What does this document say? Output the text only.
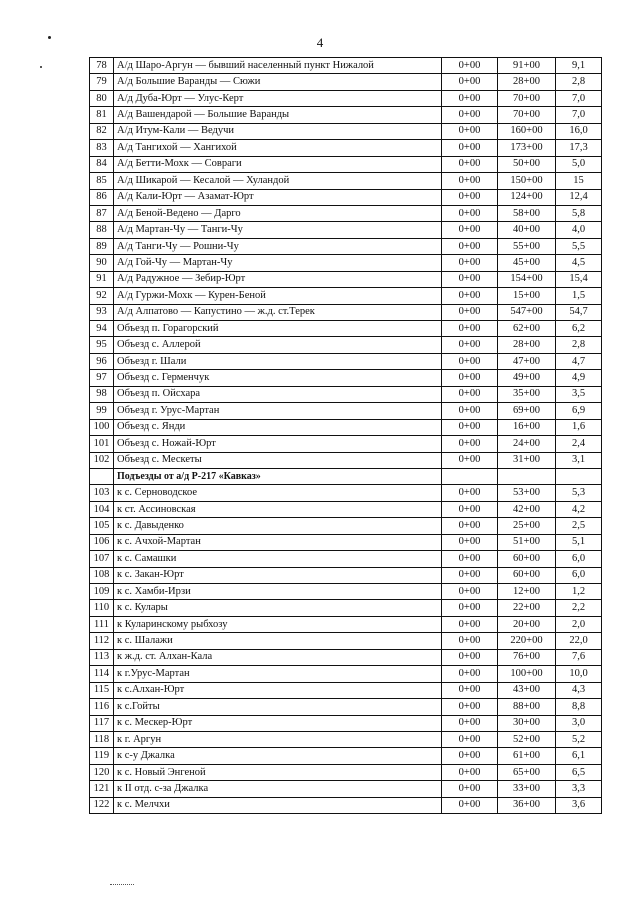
4
78	А/д Шаро-Аргун — бывший населенный пункт Нижалой	0+00	91+00	9,1
79	А/д Большие Варанды — Сюжи	0+00	28+00	2,8
80	А/д Дуба-Юрт — Улус-Керт	0+00	70+00	7,0
81	А/д Вашендарой — Большие Варанды	0+00	70+00	7,0
82	А/д Итум-Кали — Ведучи	0+00	160+00	16,0
83	А/д Тангихой — Хангихой	0+00	173+00	17,3
84	А/д Бетти-Мохк — Совраги	0+00	50+00	5,0
85	А/д Шикарой — Кесалой — Хуландой	0+00	150+00	15
86	А/д Кали-Юрт — Азамат-Юрт	0+00	124+00	12,4
87	А/д Беной-Ведено — Дарго	0+00	58+00	5,8
88	А/д Мартан-Чу — Танги-Чу	0+00	40+00	4,0
89	А/д Танги-Чу — Рошни-Чу	0+00	55+00	5,5
90	А/д Гой-Чу — Мартан-Чу	0+00	45+00	4,5
91	А/д Радужное — Зебир-Юрт	0+00	154+00	15,4
92	А/д Гуржи-Мохк — Курен-Беной	0+00	15+00	1,5
93	А/д Алпатово — Капустино — ж.д. ст.Терек	0+00	547+00	54,7
94	Объезд п. Горагорский	0+00	62+00	6,2
95	Объезд с. Аллерой	0+00	28+00	2,8
96	Объезд г. Шали	0+00	47+00	4,7
97	Объезд с. Герменчук	0+00	49+00	4,9
98	Объезд п. Ойсхара	0+00	35+00	3,5
99	Объезд г. Урус-Мартан	0+00	69+00	6,9
100	Объезд с. Янди	0+00	16+00	1,6
101	Объезд с. Ножай-Юрт	0+00	24+00	2,4
102	Объезд с. Мескеты	0+00	31+00	3,1
	Подъезды от а/д Р-217 «Кавказ»			
103	к с. Серноводское	0+00	53+00	5,3
104	к ст. Ассиновская	0+00	42+00	4,2
105	к с. Давыденко	0+00	25+00	2,5
106	к с. Ачхой-Мартан	0+00	51+00	5,1
107	к с. Самашки	0+00	60+00	6,0
108	к с. Закан-Юрт	0+00	60+00	6,0
109	к с. Хамби-Ирзи	0+00	12+00	1,2
110	к с. Кулары	0+00	22+00	2,2
111	к Куларинскому рыбхозу	0+00	20+00	2,0
112	к с. Шалажи	0+00	220+00	22,0
113	к ж.д. ст. Алхан-Кала	0+00	76+00	7,6
114	к г.Урус-Мартан	0+00	100+00	10,0
115	к с.Алхан-Юрт	0+00	43+00	4,3
116	к с.Гойты	0+00	88+00	8,8
117	к с. Мескер-Юрт	0+00	30+00	3,0
118	к г. Аргун	0+00	52+00	5,2
119	к с-у Джалка	0+00	61+00	6,1
120	к с. Новый Энгеной	0+00	65+00	6,5
121	к II отд. с-за Джалка	0+00	33+00	3,3
122	к с. Мелчхи	0+00	36+00	3,6
